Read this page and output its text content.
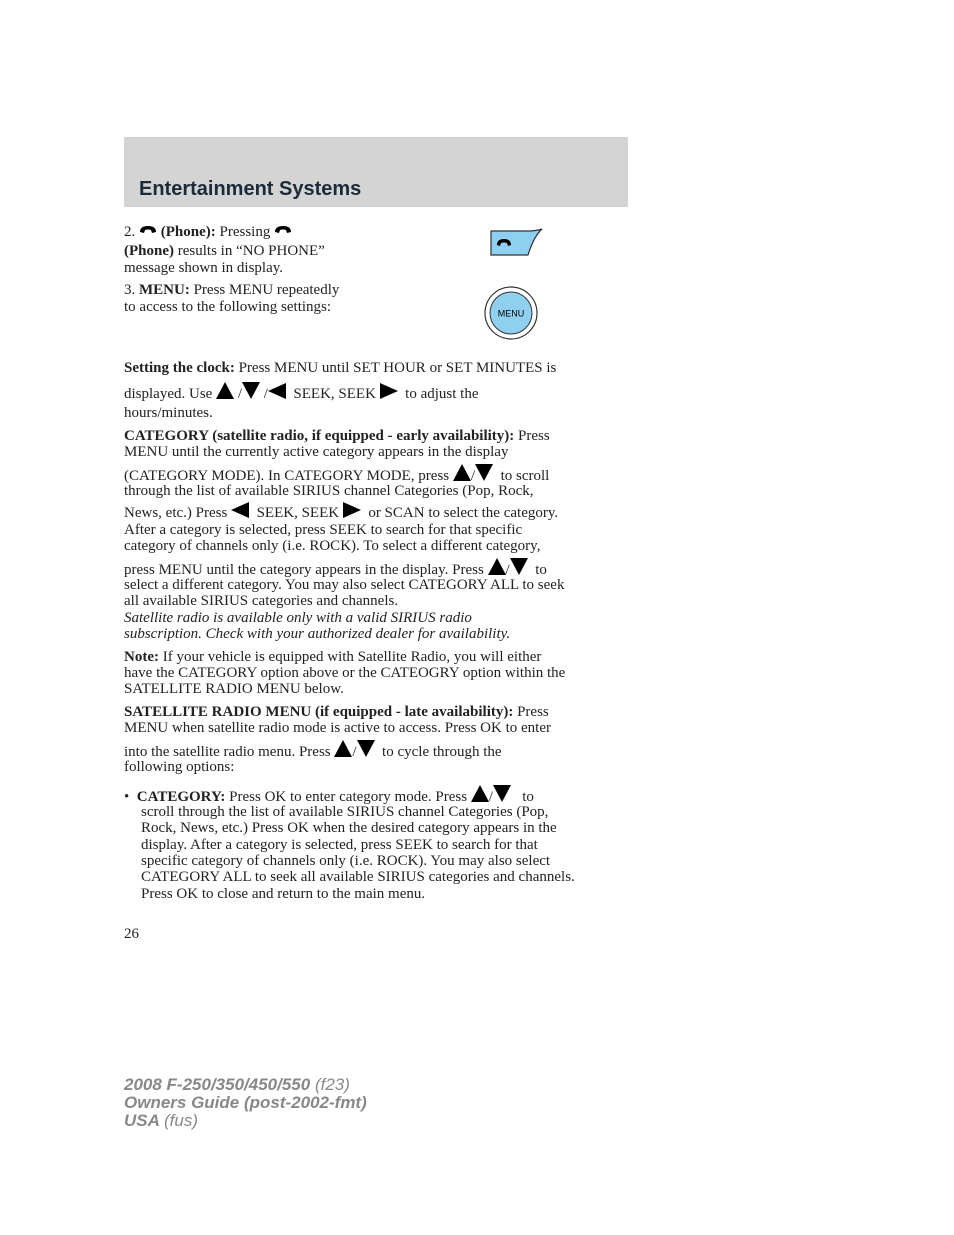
Entertainment Systems
2. (Phone): Pressing
(Phone) results in “NO PHONE”
message shown in display.
3. MENU: Press MENU repeatedly
to access to the following settings:	MENU
Setting the clock: Press MENU until SET HOUR or SET MINUTES is
displayed. Use / / SEEK, SEEK to adjust the
hours/minutes.
CATEGORY (satellite radio, if equipped - early availability): Press
MENU until the currently active category appears in the display
(CATEGORY MODE). In CATEGORY MODE, press / to scroll
through the list of available SIRIUS channel Categories (Pop, Rock,
News, etc.) Press SEEK, SEEK or SCAN to select the category.
After a category is selected, press SEEK to search for that specific
category of channels only (i.e. ROCK). To select a different category,
press MENU until the category appears in the display. Press / to
select a different category. You may also select CATEGORY ALL to seek
all available SIRIUS categories and channels.
Satellite radio is available only with a valid SIRIUS radio
subscription. Check with your authorized dealer for availability.
Note: If your vehicle is equipped with Satellite Radio, you will either
have the CATEGORY option above or the CATEOGRY option within the
SATELLITE RADIO MENU below.
SATELLITE RADIO MENU (if equipped - late availability): Press
MENU when satellite radio mode is active to access. Press OK to enter
into the satellite radio menu. Press / to cycle through the
following options:
• CATEGORY: Press OK to enter category mode. Press / to
scroll through the list of available SIRIUS channel Categories (Pop,
Rock, News, etc.) Press OK when the desired category appears in the
display. After a category is selected, press SEEK to search for that
specific category of channels only (i.e. ROCK). You may also select
CATEGORY ALL to seek all available SIRIUS categories and channels.
Press OK to close and return to the main menu.
26
2008 F-250/350/450/550 (f23)
Owners Guide (post-2002-fmt)
USA (fus)
